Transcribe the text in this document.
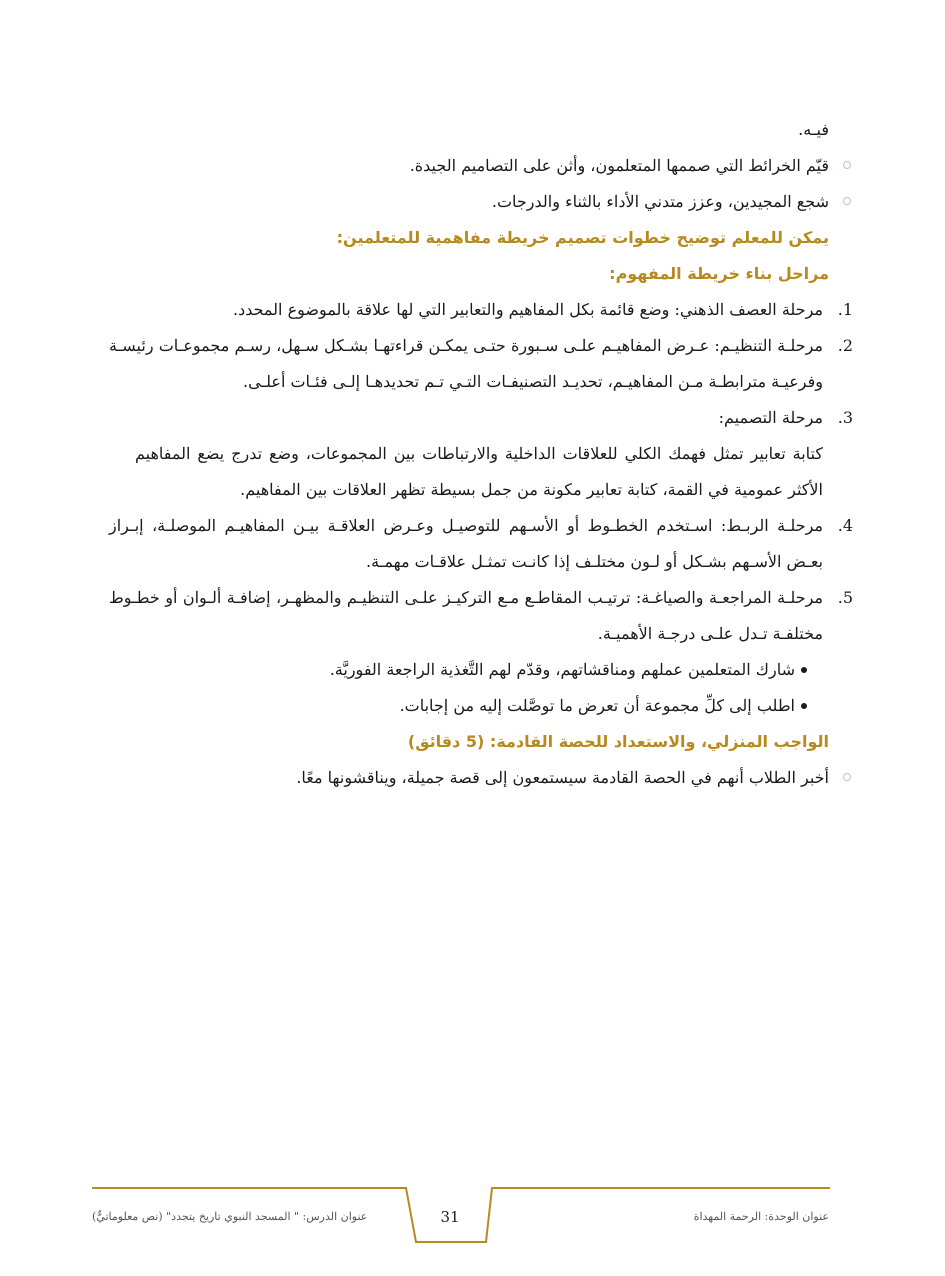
فيـه.

قيّم الخرائط التي صممها المتعلمون، وأثن على التصاميم الجيدة.

شجع المجيدين، وعزز متدني الأداء بالثناء والدرجات.

يمكن للمعلم توضيح خطوات تصميم خريطة مفاهمية للمتعلمين:

مراحل بناء خريطة المفهوم:

1.
مرحلة العصف الذهني: وضع قائمة بكل المفاهيم والتعابير التي لها علاقة بالموضوع المحدد.

2.
مرحلـة التنظيـم: عـرض المفاهيـم علـى سـبورة حتـى يمكـن قراءتهـا بشـكل سـهل، رسـم مجموعـات رئيسـة وفرعيـة مترابطـة مـن المفاهيـم، تحديـد التصنيفـات التـي تـم تحديدهـا إلـى فئـات أعلـى.

3.
مرحلة التصميم:

كتابة تعابير تمثل فهمك الكلي للعلاقات الداخلية والارتباطات بين المجموعات، وضع تدرج يضع المفاهيم الأكثر عمومية في القمة، كتابة تعابير مكونة من جمل بسيطة تظهر العلاقات بين المفاهيم.

4.
مرحلـة الربـط: اسـتخدم الخطـوط أو الأسـهم للتوصيـل وعـرض العلاقـة بيـن المفاهيـم الموصلـة، إبـراز بعـض الأسـهم بشـكل أو لـون مختلـف إذا كانـت تمثـل علاقـات مهمـة.

5.
مرحلـة المراجعـة والصياغـة: ترتيـب المقاطـع مـع التركيـز علـى التنظيـم والمظهـر، إضافـة ألـوان أو خطـوط مختلفـة تـدل علـى درجـة الأهميـة.

شارك المتعلمين عملهم ومناقشاتهم، وقدّم لهم التَّغذية الراجعة الفوريَّة.

اطلب إلى كلِّ مجموعة أن تعرض ما توصَّلت إليه من إجابات.

الواجب المنزلي، والاستعداد للحصة القادمة: (5 دقائق)

أخبر الطلاب أنهم في الحصة القادمة سيستمعون إلى قصة جميلة، ويناقشونها معًا.

عنوان الدرس: " المسجد النبوي تاريخ يتجدد" (نص معلوماتيٌّ)	31	عنوان الوحدة: الرحمة المهداة
